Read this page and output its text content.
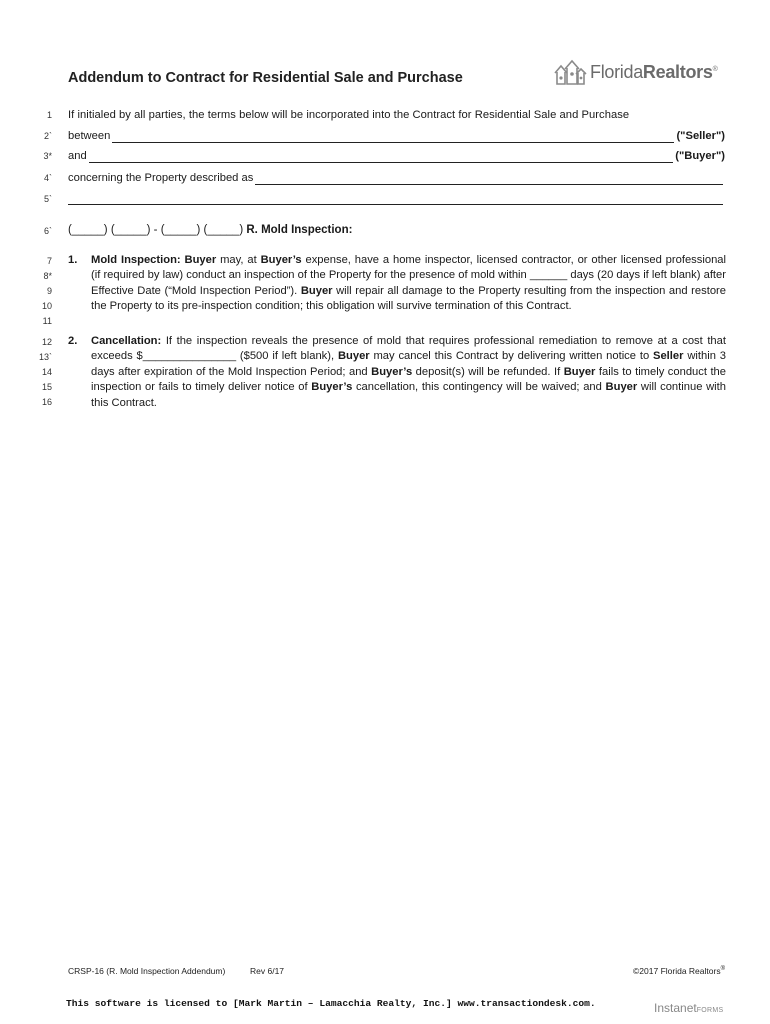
Addendum to Contract for Residential Sale and Purchase	FloridaRealtors®
1
2`
3*
4`
5`
6`
7
8*
9
10
11
12
13`
14
15
16
If initialed by all parties, the terms below will be incorporated into the Contract for Residential Sale and Purchase
between	("Seller")
and	("Buyer")
concerning the Property described as
(_____) (_____) - (_____) (_____) R. Mold Inspection:
1. Mold Inspection: Buyer may, at Buyer’s expense, have a home inspector, licensed contractor, or other licensed professional (if required by law) conduct an inspection of the Property for the presence of mold within ______ days (20 days if left blank) after Effective Date (“Mold Inspection Period”). Buyer will repair all damage to the Property resulting from the inspection and restore the Property to its pre-inspection condition; this obligation will survive termination of this Contract.
2. Cancellation: If the inspection reveals the presence of mold that requires professional remediation to remove at a cost that exceeds $_______________ ($500 if left blank), Buyer may cancel this Contract by delivering written notice to Seller within 3 days after expiration of the Mold Inspection Period; and Buyer’s deposit(s) will be refunded. If Buyer fails to timely conduct the inspection or fails to timely deliver notice of Buyer’s cancellation, this contingency will be waived; and Buyer will continue with this Contract.
CRSP-16 (R. Mold Inspection Addendum)	Rev 6/17	©2017 Florida Realtors®
This software is licensed to [Mark Martin – Lamacchia Realty, Inc.] www.transactiondesk.com.	InstanetFORMS
